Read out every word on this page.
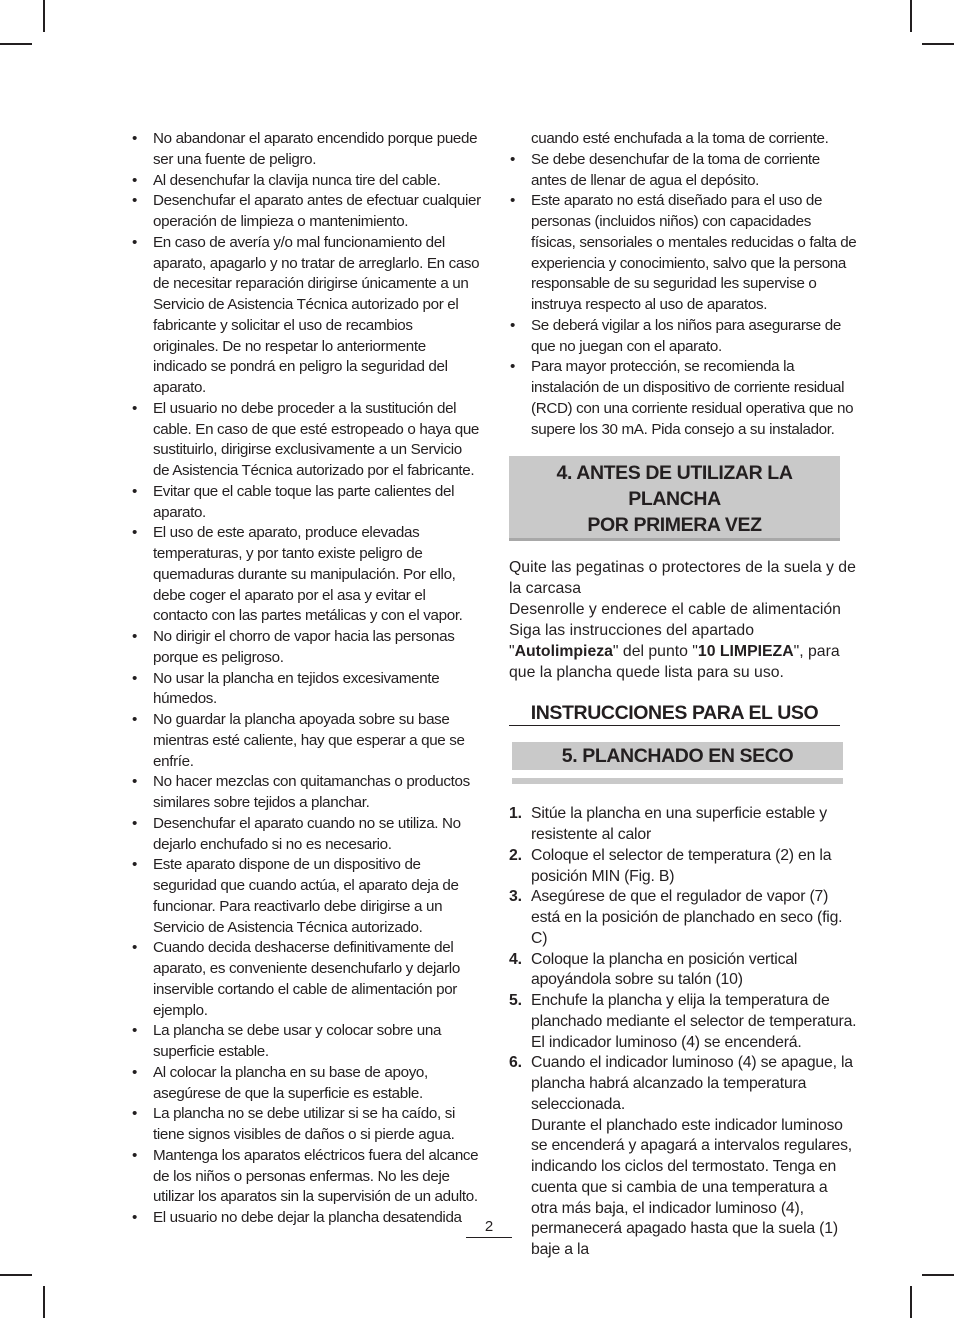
• No abandonar el aparato encendido porque puede ser una fuente de peligro.
• Al desenchufar la clavija nunca tire del cable.
• Desenchufar el aparato antes de efectuar cualquier operación de limpieza o mantenimiento.
• En caso de avería y/o mal funcionamiento del aparato, apagarlo y no tratar de arreglarlo. En caso de necesitar reparación dirigirse únicamente a un Servicio de Asistencia Técnica autorizado por el fabricante y solicitar el uso de recambios originales. De no respetar lo anteriormente indicado se pondrá en peligro la seguridad del aparato.
• El usuario no debe proceder a la sustitución del cable. En caso de que esté estropeado o haya que sustituirlo, dirigirse exclusivamente a un Servicio de Asistencia Técnica autorizado por el fabricante.
• Evitar que el cable toque las parte calientes del aparato.
• El uso de este aparato, produce elevadas temperaturas, y por tanto existe peligro de quemaduras durante su manipulación. Por ello, debe coger el aparato por el asa y evitar el contacto con las partes metálicas y con el vapor.
• No dirigir el chorro de vapor hacia las personas porque es peligroso.
• No usar la plancha en tejidos excesivamente húmedos.
• No guardar la plancha apoyada sobre su base mientras esté caliente, hay que esperar a que se enfríe.
• No hacer mezclas con quitamanchas o productos similares sobre tejidos a planchar.
• Desenchufar el aparato cuando no se utiliza. No dejarlo enchufado si no es necesario.
• Este aparato dispone de un dispositivo de seguridad que cuando actúa, el aparato deja de funcionar. Para reactivarlo debe dirigirse a un Servicio de Asistencia Técnica autorizado.
• Cuando decida deshacerse definitivamente del aparato, es conveniente desenchufarlo y dejarlo inservible cortando el cable de alimentación por ejemplo.
• La plancha se debe usar y colocar sobre una superficie estable.
• Al colocar la plancha en su base de apoyo, asegúrese de que la superficie es estable.
• La plancha no se debe utilizar si se ha caído, si tiene signos visibles de daños o si pierde agua.
• Mantenga los aparatos eléctricos fuera del alcance de los niños o personas enfermas. No les deje utilizar los aparatos sin la supervisión de un adulto.
• El usuario no debe dejar la plancha desatendida
cuando esté enchufada a la toma de corriente.
• Se debe desenchufar de la toma de corriente antes de llenar de agua el depósito.
• Este aparato no está diseñado para el uso de personas (incluidos niños) con capacidades físicas, sensoriales o mentales reducidas o falta de experiencia y conocimiento, salvo que la persona responsable de su seguridad les supervise o instruya respecto al uso de aparatos.
• Se deberá vigilar a los niños para asegurarse de que no juegan con el aparato.
• Para mayor protección, se recomienda la instalación de un dispositivo de corriente residual (RCD) con una corriente residual operativa que no supere los 30 mA. Pida consejo a su instalador.
4. ANTES DE UTILIZAR LA PLANCHA
POR PRIMERA VEZ

Quite las pegatinas o protectores de la suela y de la carcasa

Desenrolle y enderece el cable de alimentación

Siga las instrucciones del apartado "Autolimpieza" del punto "10 LIMPIEZA", para que la plancha quede lista para su uso.

INSTRUCCIONES PARA EL USO
5. PLANCHADO EN SECO
1. Sitúe la plancha en una superficie estable y resistente al calor
2. Coloque el selector de temperatura (2) en la posición MIN (Fig. B)
3. Asegúrese de que el regulador de vapor (7) está en la posición de planchado en seco (fig. C)
4. Coloque la plancha en posición vertical apoyándola sobre su talón (10)
5. Enchufe la plancha y elija la temperatura de planchado mediante el selector de temperatura. El indicador luminoso (4) se encenderá.
6. Cuando el indicador luminoso (4) se apague, la plancha habrá alcanzado la temperatura seleccionada.
Durante el planchado este indicador luminoso se encenderá y apagará a intervalos regulares, indicando los ciclos del termostato. Tenga en cuenta que si cambia de una temperatura a otra más baja, el indicador luminoso (4), permanecerá apagado hasta que la suela (1) baje a la
2
